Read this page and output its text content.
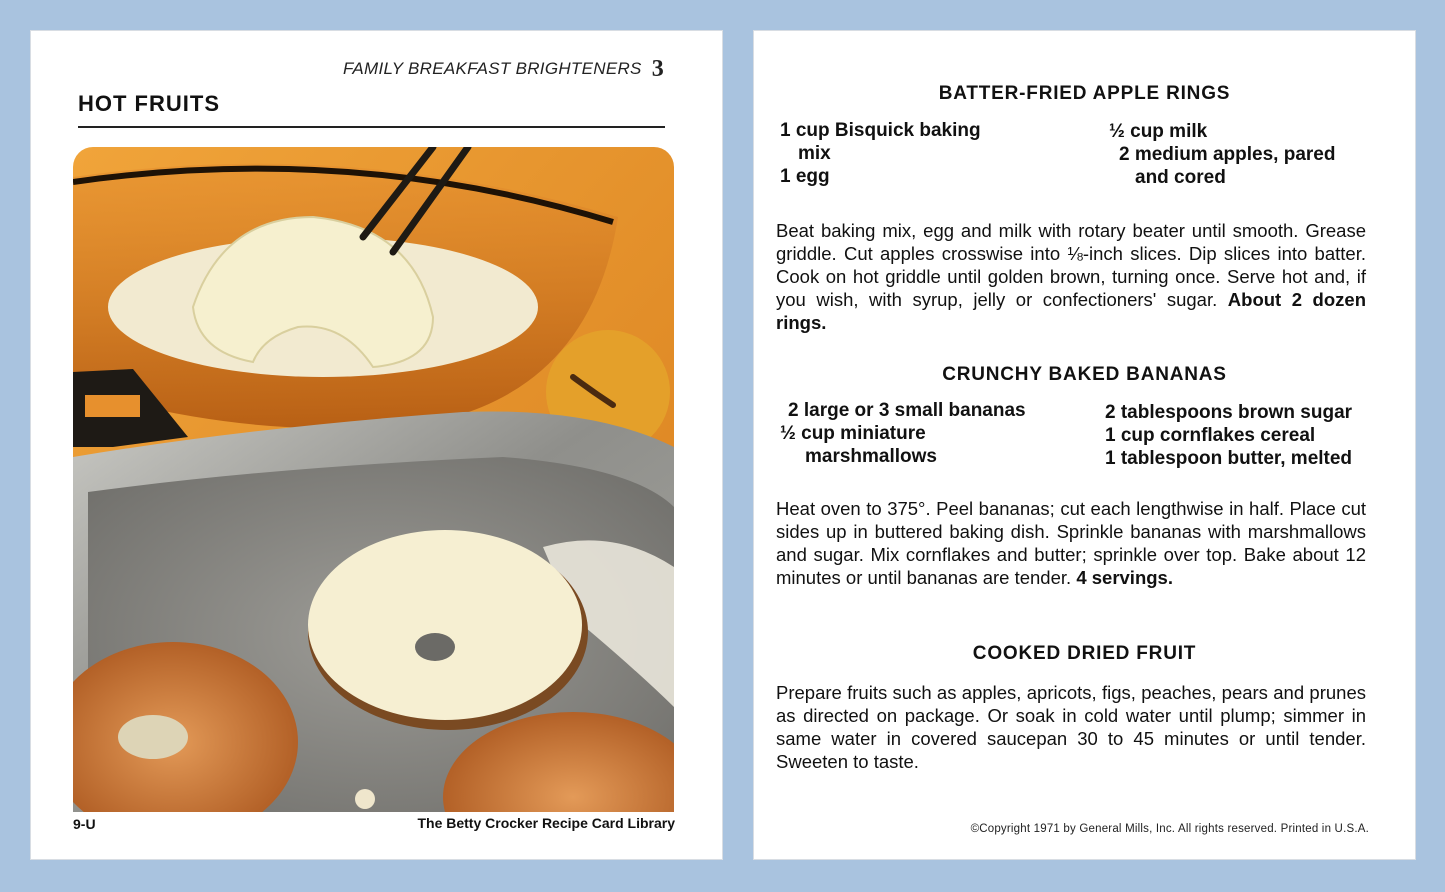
FAMILY BREAKFAST BRIGHTENERS 3
HOT FRUITS
9-U	The Betty Crocker Recipe Card Library
BATTER-FRIED APPLE RINGS
1 cup Bisquick baking
mix
1 egg
½ cup milk
2 medium apples, pared
and cored
Beat baking mix, egg and milk with rotary beater until smooth. Grease griddle. Cut apples crosswise into ⅛-inch slices. Dip slices into batter. Cook on hot griddle until golden brown, turning once. Serve hot and, if you wish, with syrup, jelly or confectioners' sugar. About 2 dozen rings.
CRUNCHY BAKED BANANAS
2 large or 3 small bananas
½ cup miniature
marshmallows
2 tablespoons brown sugar
1 cup cornflakes cereal
1 tablespoon butter, melted
Heat oven to 375°. Peel bananas; cut each lengthwise in half. Place cut sides up in buttered baking dish. Sprinkle bananas with marshmallows and sugar. Mix cornflakes and butter; sprinkle over top. Bake about 12 minutes or until bananas are tender. 4 servings.
COOKED DRIED FRUIT
Prepare fruits such as apples, apricots, figs, peaches, pears and prunes as directed on package. Or soak in cold water until plump; simmer in same water in covered saucepan 30 to 45 minutes or until tender. Sweeten to taste.
©Copyright 1971 by General Mills, Inc. All rights reserved. Printed in U.S.A.
